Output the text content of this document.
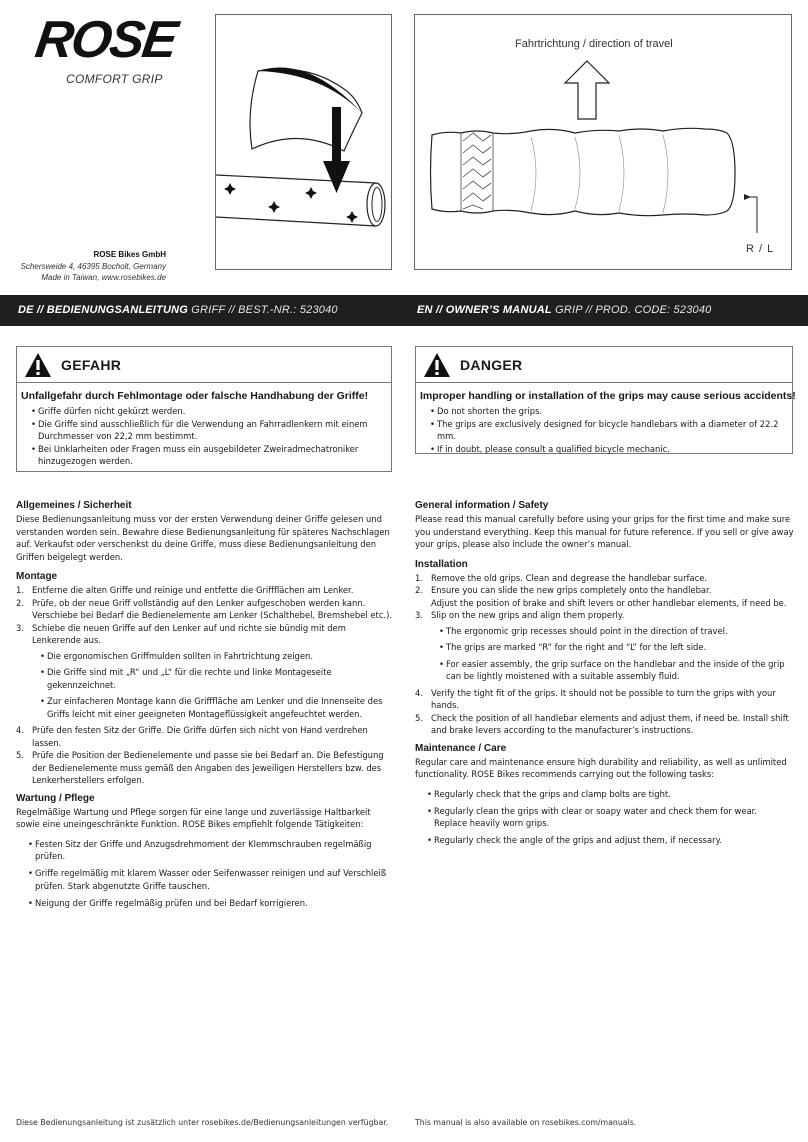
ROSE
COMFORT GRIP
ROSE Bikes GmbH
Schersweide 4, 46395 Bocholt, Germany
Made in Taiwan, www.rosebikes.de
Fahrtrichtung / direction of travel
R / L
DE // BEDIENUNGSANLEITUNG GRIFF // BEST.-NR.: 523040	EN // OWNER’S MANUAL GRIP // PROD. CODE: 523040
GEFAHR
Unfallgefahr durch Fehlmontage oder falsche Handhabung der Griffe!
• Griffe dürfen nicht gekürzt werden.
• Die Griffe sind ausschließlich für die Verwendung an Fahrradlenkern mit einem Durchmesser von 22,2 mm bestimmt.
• Bei Unklarheiten oder Fragen muss ein ausgebildeter Zweiradmechatroniker hinzugezogen werden.
DANGER
Improper handling or installation of the grips may cause serious accidents!
• Do not shorten the grips.
• The grips are exclusively designed for bicycle handlebars with a diameter of 22.2 mm.
• If in doubt, please consult a qualified bicycle mechanic.
Allgemeines / Sicherheit

Diese Bedienungsanleitung muss vor der ersten Verwendung deiner Griffe gelesen und verstanden worden sein. Bewahre diese Bedienungsanleitung für späteres Nachschlagen auf. Verkaufst oder verschenkst du deine Griffe, muss diese Bedienungsanleitung den Griffen beigelegt werden.

Montage
1. Entferne die alten Griffe und reinige und entfette die Griffflächen am Lenker.
2. Prüfe, ob der neue Griff vollständig auf den Lenker aufgeschoben werden kann.
Verschiebe bei Bedarf die Bedienelemente am Lenker (Schalthebel, Bremshebel etc.).
3. Schiebe die neuen Griffe auf den Lenker auf und richte sie bündig mit dem Lenkerende aus.
• Die ergonomischen Griffmulden sollten in Fahrtrichtung zeigen.
• Die Griffe sind mit „R“ und „L“ für die rechte und linke Montageseite gekennzeichnet.
• Zur einfacheren Montage kann die Grifffläche am Lenker und die Innenseite des Griffs leicht mit einer geeigneten Montageflüssigkeit angefeuchtet werden.
4. Prüfe den festen Sitz der Griffe. Die Griffe dürfen sich nicht von Hand verdrehen lassen.
5. Prüfe die Position der Bedienelemente und passe sie bei Bedarf an. Die Befestigung der Bedienelemente muss gemäß den Angaben des jeweiligen Herstellers bzw. des Lenkerherstellers erfolgen.
Wartung / Pflege

Regelmäßige Wartung und Pflege sorgen für eine lange und zuverlässige Haltbarkeit sowie eine uneingeschränkte Funktion. ROSE Bikes empfiehlt folgende Tätigkeiten:

• Festen Sitz der Griffe und Anzugsdrehmoment der Klemmschrauben regelmäßig prüfen.
• Griffe regelmäßig mit klarem Wasser oder Seifenwasser reinigen und auf Verschleiß prüfen. Stark abgenutzte Griffe tauschen.
• Neigung der Griffe regelmäßig prüfen und bei Bedarf korrigieren.
General information / Safety

Please read this manual carefully before using your grips for the first time and make sure you understand everything. Keep this manual for future reference. If you sell or give away your grips, please also include the owner’s manual.

Installation
1. Remove the old grips. Clean and degrease the handlebar surface.
2. Ensure you can slide the new grips completely onto the handlebar.
Adjust the position of brake and shift levers or other handlebar elements, if need be.
3. Slip on the new grips and align them properly.
• The ergonomic grip recesses should point in the direction of travel.
• The grips are marked “R” for the right and “L” for the left side.
• For easier assembly, the grip surface on the handlebar and the inside of the grip can be lightly moistened with a suitable assembly fluid.
4. Verify the tight fit of the grips. It should not be possible to turn the grips with your hands.
5. Check the position of all handlebar elements and adjust them, if need be. Install shift and brake levers according to the manufacturer’s instructions.
Maintenance / Care

Regular care and maintenance ensure high durability and reliability, as well as unlimited functionality. ROSE Bikes recommends carrying out the following tasks:

• Regularly check that the grips and clamp bolts are tight.
• Regularly clean the grips with clear or soapy water and check them for wear.
Replace heavily worn grips.
• Regularly check the angle of the grips and adjust them, if necessary.
Diese Bedienungsanleitung ist zusätzlich unter rosebikes.de/Bedienungsanleitungen verfügbar.	This manual is also available on rosebikes.com/manuals.
